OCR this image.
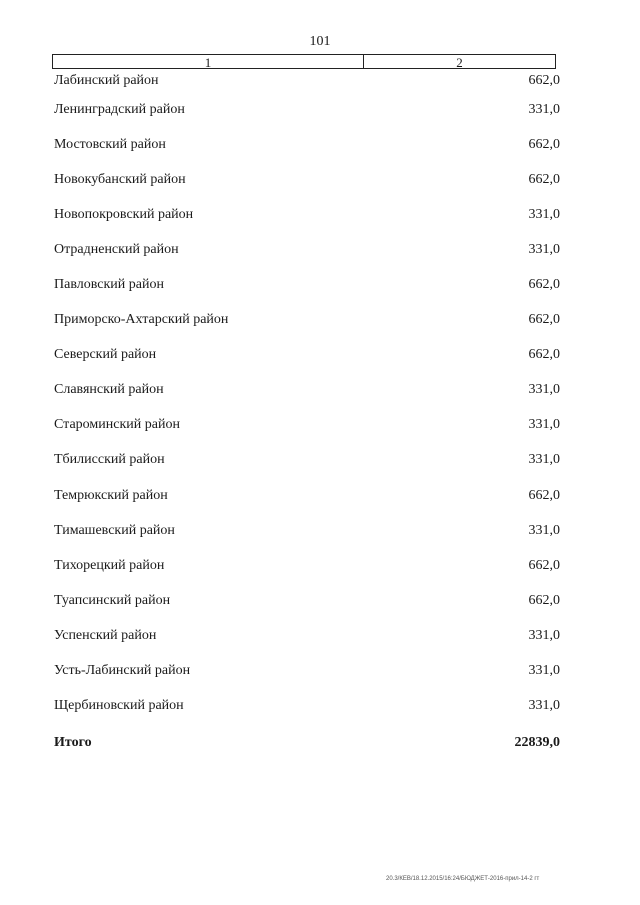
101
1	2
Лабинский район	662,0
Ленинградский район	331,0
Мостовский район	662,0
Новокубанский район	662,0
Новопокровский район	331,0
Отрадненский район	331,0
Павловский район	662,0
Приморско-Ахтарский район	662,0
Северский район	662,0
Славянский район	331,0
Староминский район	331,0
Тбилисский район	331,0
Темрюкский район	662,0
Тимашевский район	331,0
Тихорецкий район	662,0
Туапсинский район	662,0
Успенский район	331,0
Усть-Лабинский район	331,0
Щербиновский район	331,0
Итого	22839,0
20.3/КЕВ/18.12.2015/16:24/БЮДЖЕТ-2016-прил-14-2 гт
